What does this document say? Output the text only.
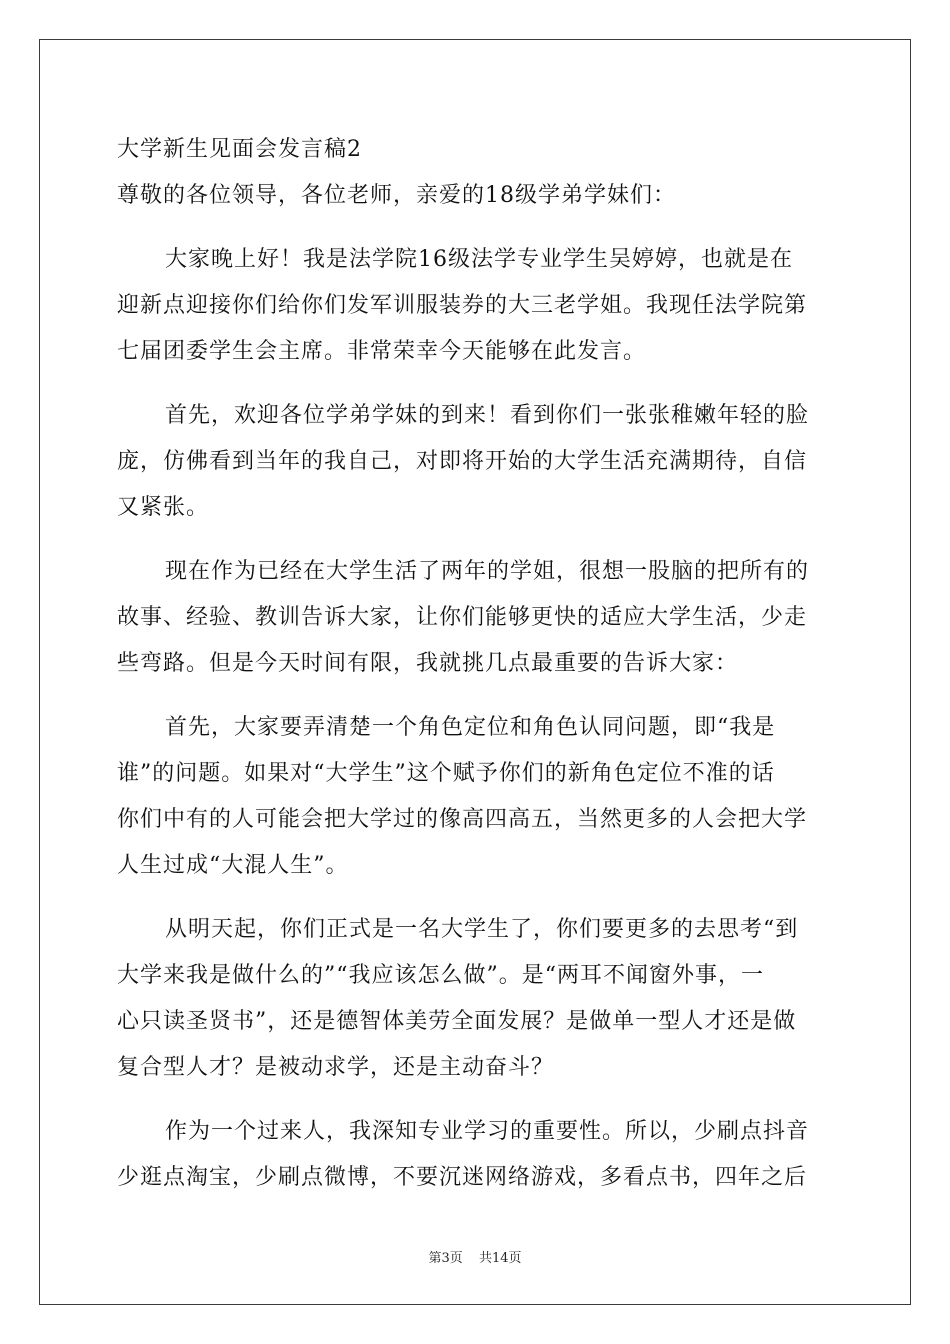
大学新生见面会发言稿2
尊敬的各位领导，各位老师，亲爱的18级学弟学妹们：
大家晚上好！我是法学院16级法学专业学生吴婷婷，也就是在
迎新点迎接你们给你们发军训服装券的大三老学姐。我现任法学院第
七届团委学生会主席。非常荣幸今天能够在此发言。
首先，欢迎各位学弟学妹的到来！看到你们一张张稚嫩年轻的脸
庞，仿佛看到当年的我自己，对即将开始的大学生活充满期待，自信
又紧张。
现在作为已经在大学生活了两年的学姐，很想一股脑的把所有的
故事、经验、教训告诉大家，让你们能够更快的适应大学生活，少走
些弯路。但是今天时间有限，我就挑几点最重要的告诉大家：
首先，大家要弄清楚一个角色定位和角色认同问题，即“我是
谁”的问题。如果对“大学生”这个赋予你们的新角色定位不准的话
你们中有的人可能会把大学过的像高四高五，当然更多的人会把大学
人生过成“大混人生”。
从明天起，你们正式是一名大学生了，你们要更多的去思考“到
大学来我是做什么的”“我应该怎么做”。是“两耳不闻窗外事，一
心只读圣贤书”，还是德智体美劳全面发展？是做单一型人才还是做
复合型人才？是被动求学，还是主动奋斗？
作为一个过来人，我深知专业学习的重要性。所以，少刷点抖音
少逛点淘宝，少刷点微博，不要沉迷网络游戏，多看点书，四年之后
第3页 共14页
